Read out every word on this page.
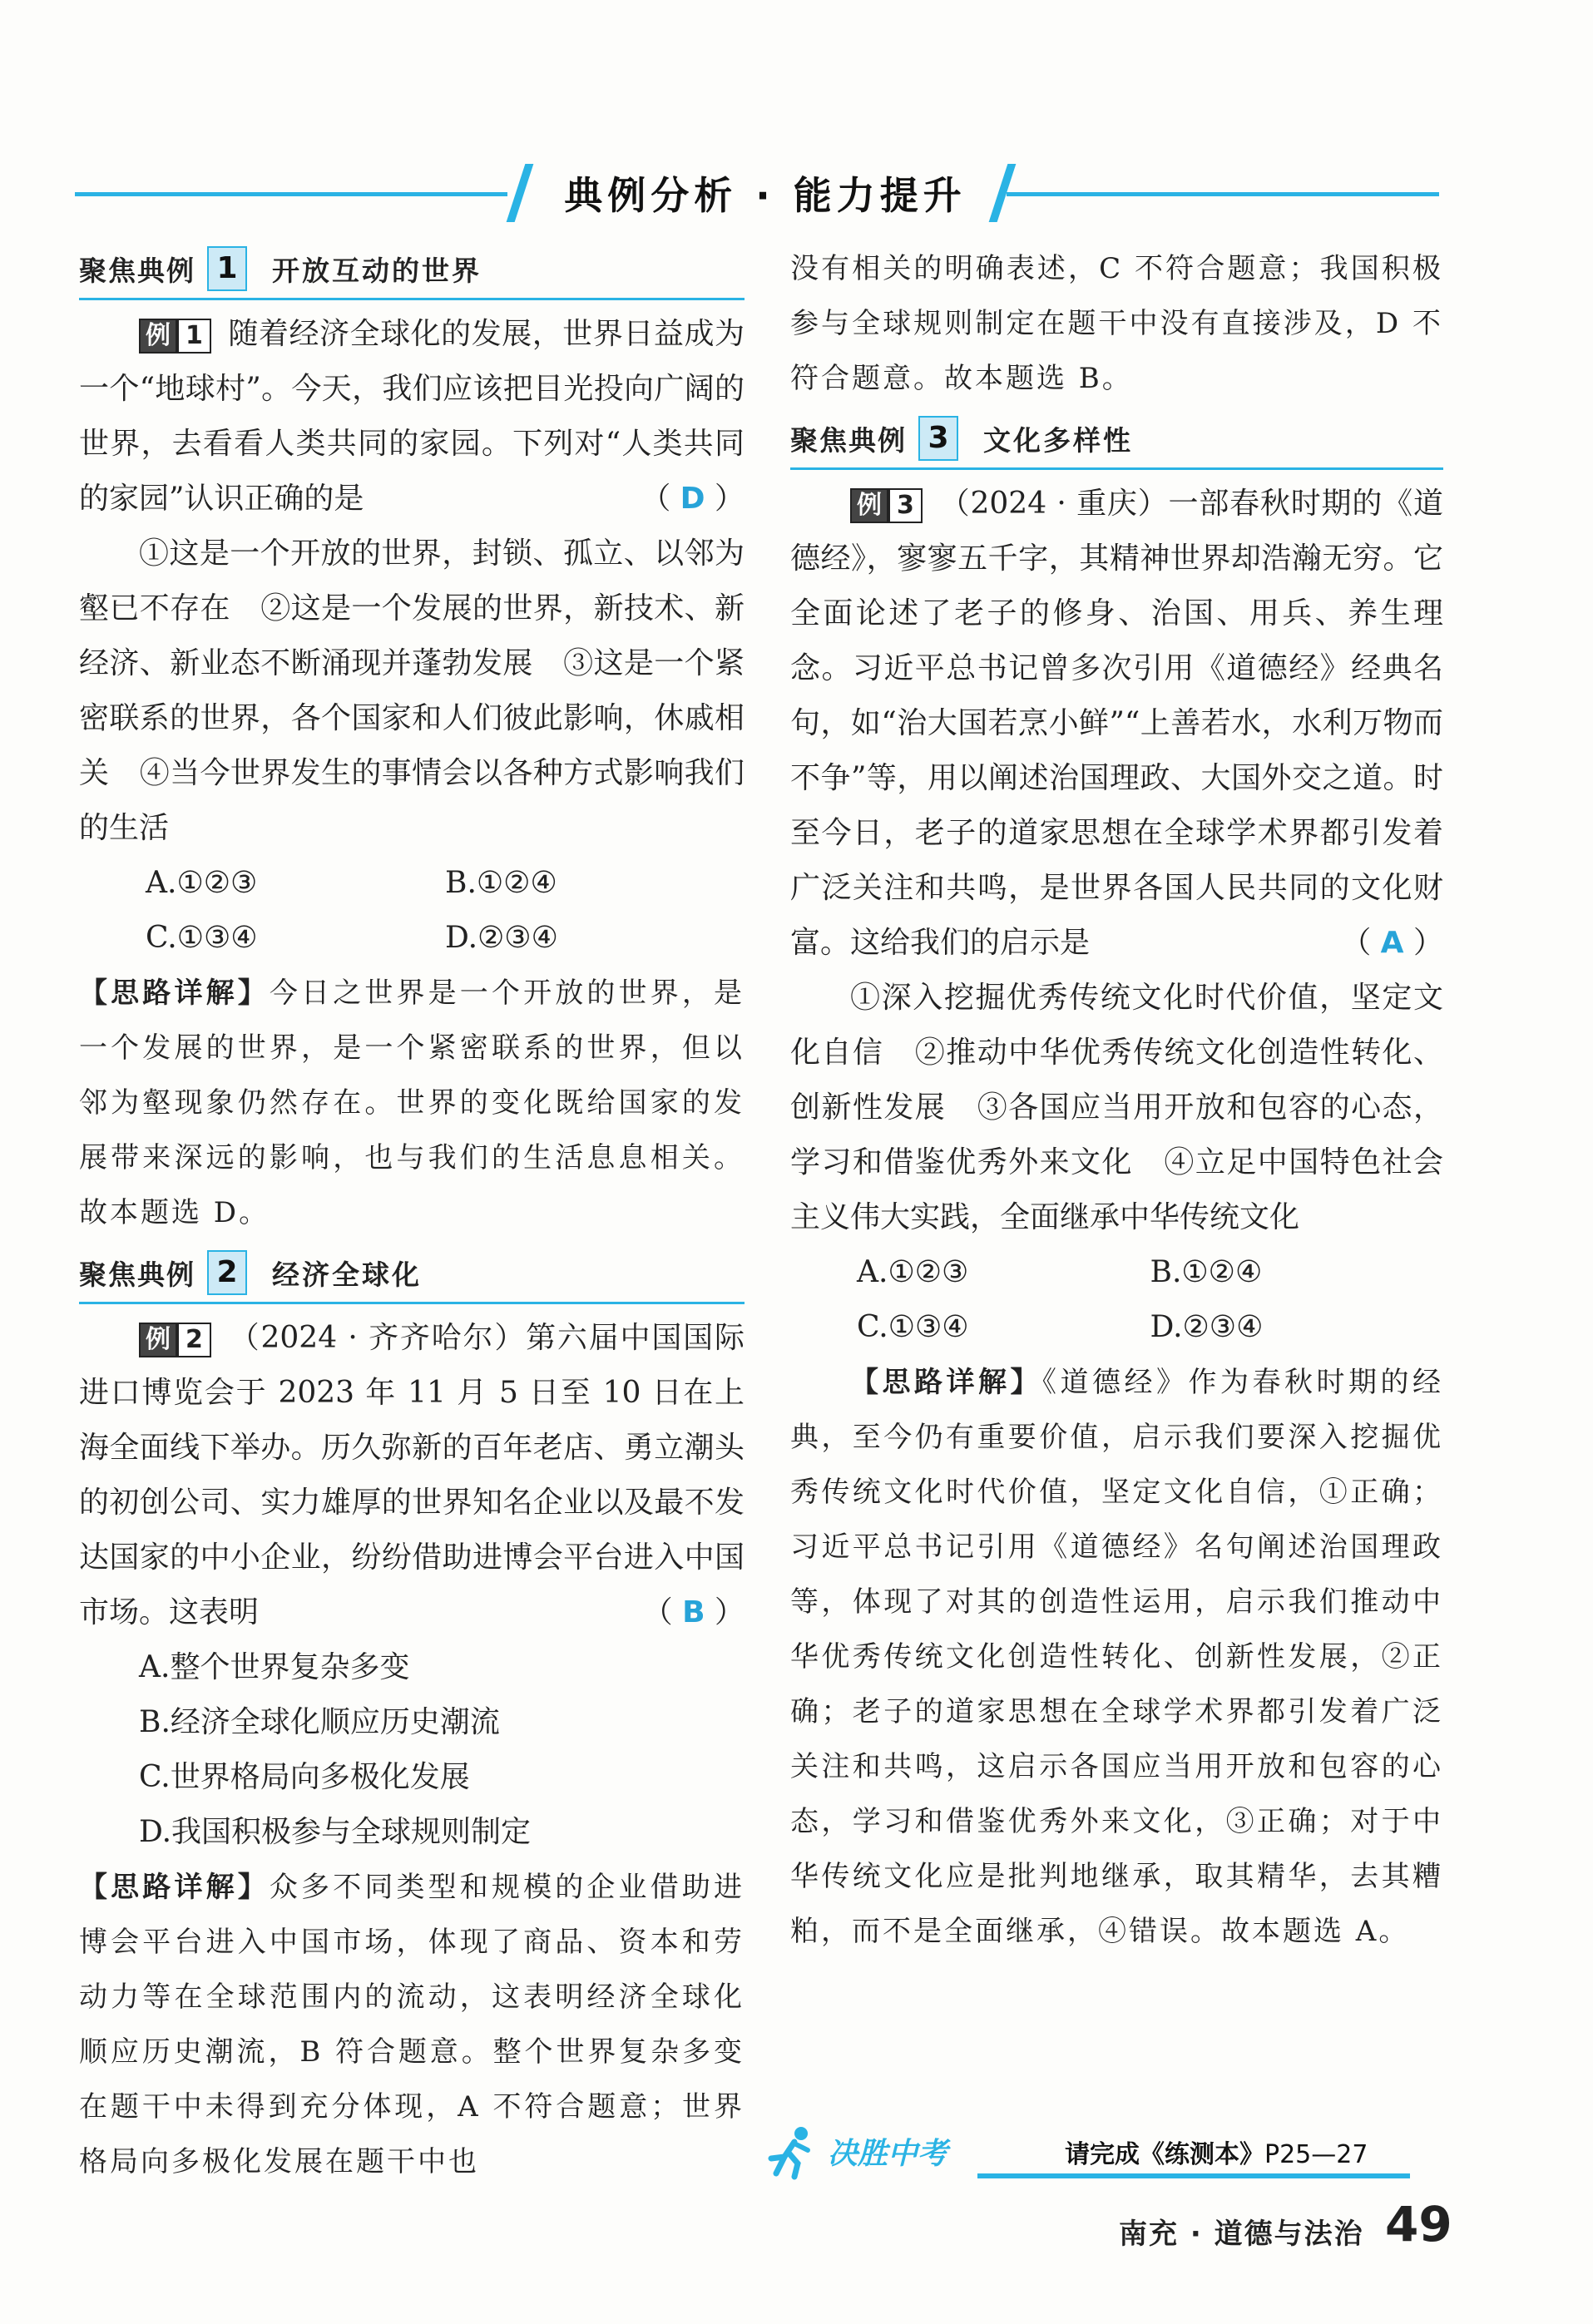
典例分析 · 能力提升
聚焦典例 1	开放互动的世界

例 1 随着经济全球化的发展，世界日益成为一个“地球村”。今天，我们应该把目光投向广阔的世界，去看看人类共同的家园。下列对“人类共同的家园”认识正确的是	（ D ）

①这是一个开放的世界，封锁、孤立、以邻为壑已不存在　②这是一个发展的世界，新技术、新经济、新业态不断涌现并蓬勃发展　③这是一个紧密联系的世界，各个国家和人们彼此影响，休戚相关　④当今世界发生的事情会以各种方式影响我们的生活

A.①②③	B.①②④
C.①③④	D.②③④

【思路详解】今日之世界是一个开放的世界，是一个发展的世界，是一个紧密联系的世界，但以邻为壑现象仍然存在。世界的变化既给国家的发展带来深远的影响，也与我们的生活息息相关。故本题选 D。

聚焦典例 2	经济全球化

例 2 （2024 · 齐齐哈尔）第六届中国国际进口博览会于 2023 年 11 月 5 日至 10 日在上海全面线下举办。历久弥新的百年老店、勇立潮头的初创公司、实力雄厚的世界知名企业以及最不发达国家的中小企业，纷纷借助进博会平台进入中国市场。这表明	（ B ）

A.整个世界复杂多变
B.经济全球化顺应历史潮流
C.世界格局向多极化发展
D.我国积极参与全球规则制定

【思路详解】众多不同类型和规模的企业借助进博会平台进入中国市场，体现了商品、资本和劳动力等在全球范围内的流动，这表明经济全球化顺应历史潮流，B 符合题意。整个世界复杂多变在题干中未得到充分体现，A 不符合题意；世界格局向多极化发展在题干中也

没有相关的明确表述，C 不符合题意；我国积极参与全球规则制定在题干中没有直接涉及，D 不符合题意。故本题选 B。

聚焦典例 3	文化多样性

例 3 （2024 · 重庆）一部春秋时期的《道德经》，寥寥五千字，其精神世界却浩瀚无穷。它全面论述了老子的修身、治国、用兵、养生理念。习近平总书记曾多次引用《道德经》经典名句，如“治大国若烹小鲜”“上善若水，水利万物而不争”等，用以阐述治国理政、大国外交之道。时至今日，老子的道家思想在全球学术界都引发着广泛关注和共鸣，是世界各国人民共同的文化财富。这给我们的启示是	（ A ）

①深入挖掘优秀传统文化时代价值，坚定文化自信　②推动中华优秀传统文化创造性转化、创新性发展　③各国应当用开放和包容的心态，学习和借鉴优秀外来文化　④立足中国特色社会主义伟大实践，全面继承中华传统文化

A.①②③	B.①②④
C.①③④	D.②③④

【思路详解】《道德经》作为春秋时期的经典，至今仍有重要价值，启示我们要深入挖掘优秀传统文化时代价值，坚定文化自信，①正确；习近平总书记引用《道德经》名句阐述治国理政等，体现了对其的创造性运用，启示我们推动中华优秀传统文化创造性转化、创新性发展，②正确；老子的道家思想在全球学术界都引发着广泛关注和共鸣，这启示各国应当用开放和包容的心态，学习和借鉴优秀外来文化，③正确；对于中华传统文化应是批判地继承，取其精华，去其糟粕，而不是全面继承，④错误。故本题选 A。

决胜中考	请完成《练测本》P25—27
南充 · 道德与法治 49
